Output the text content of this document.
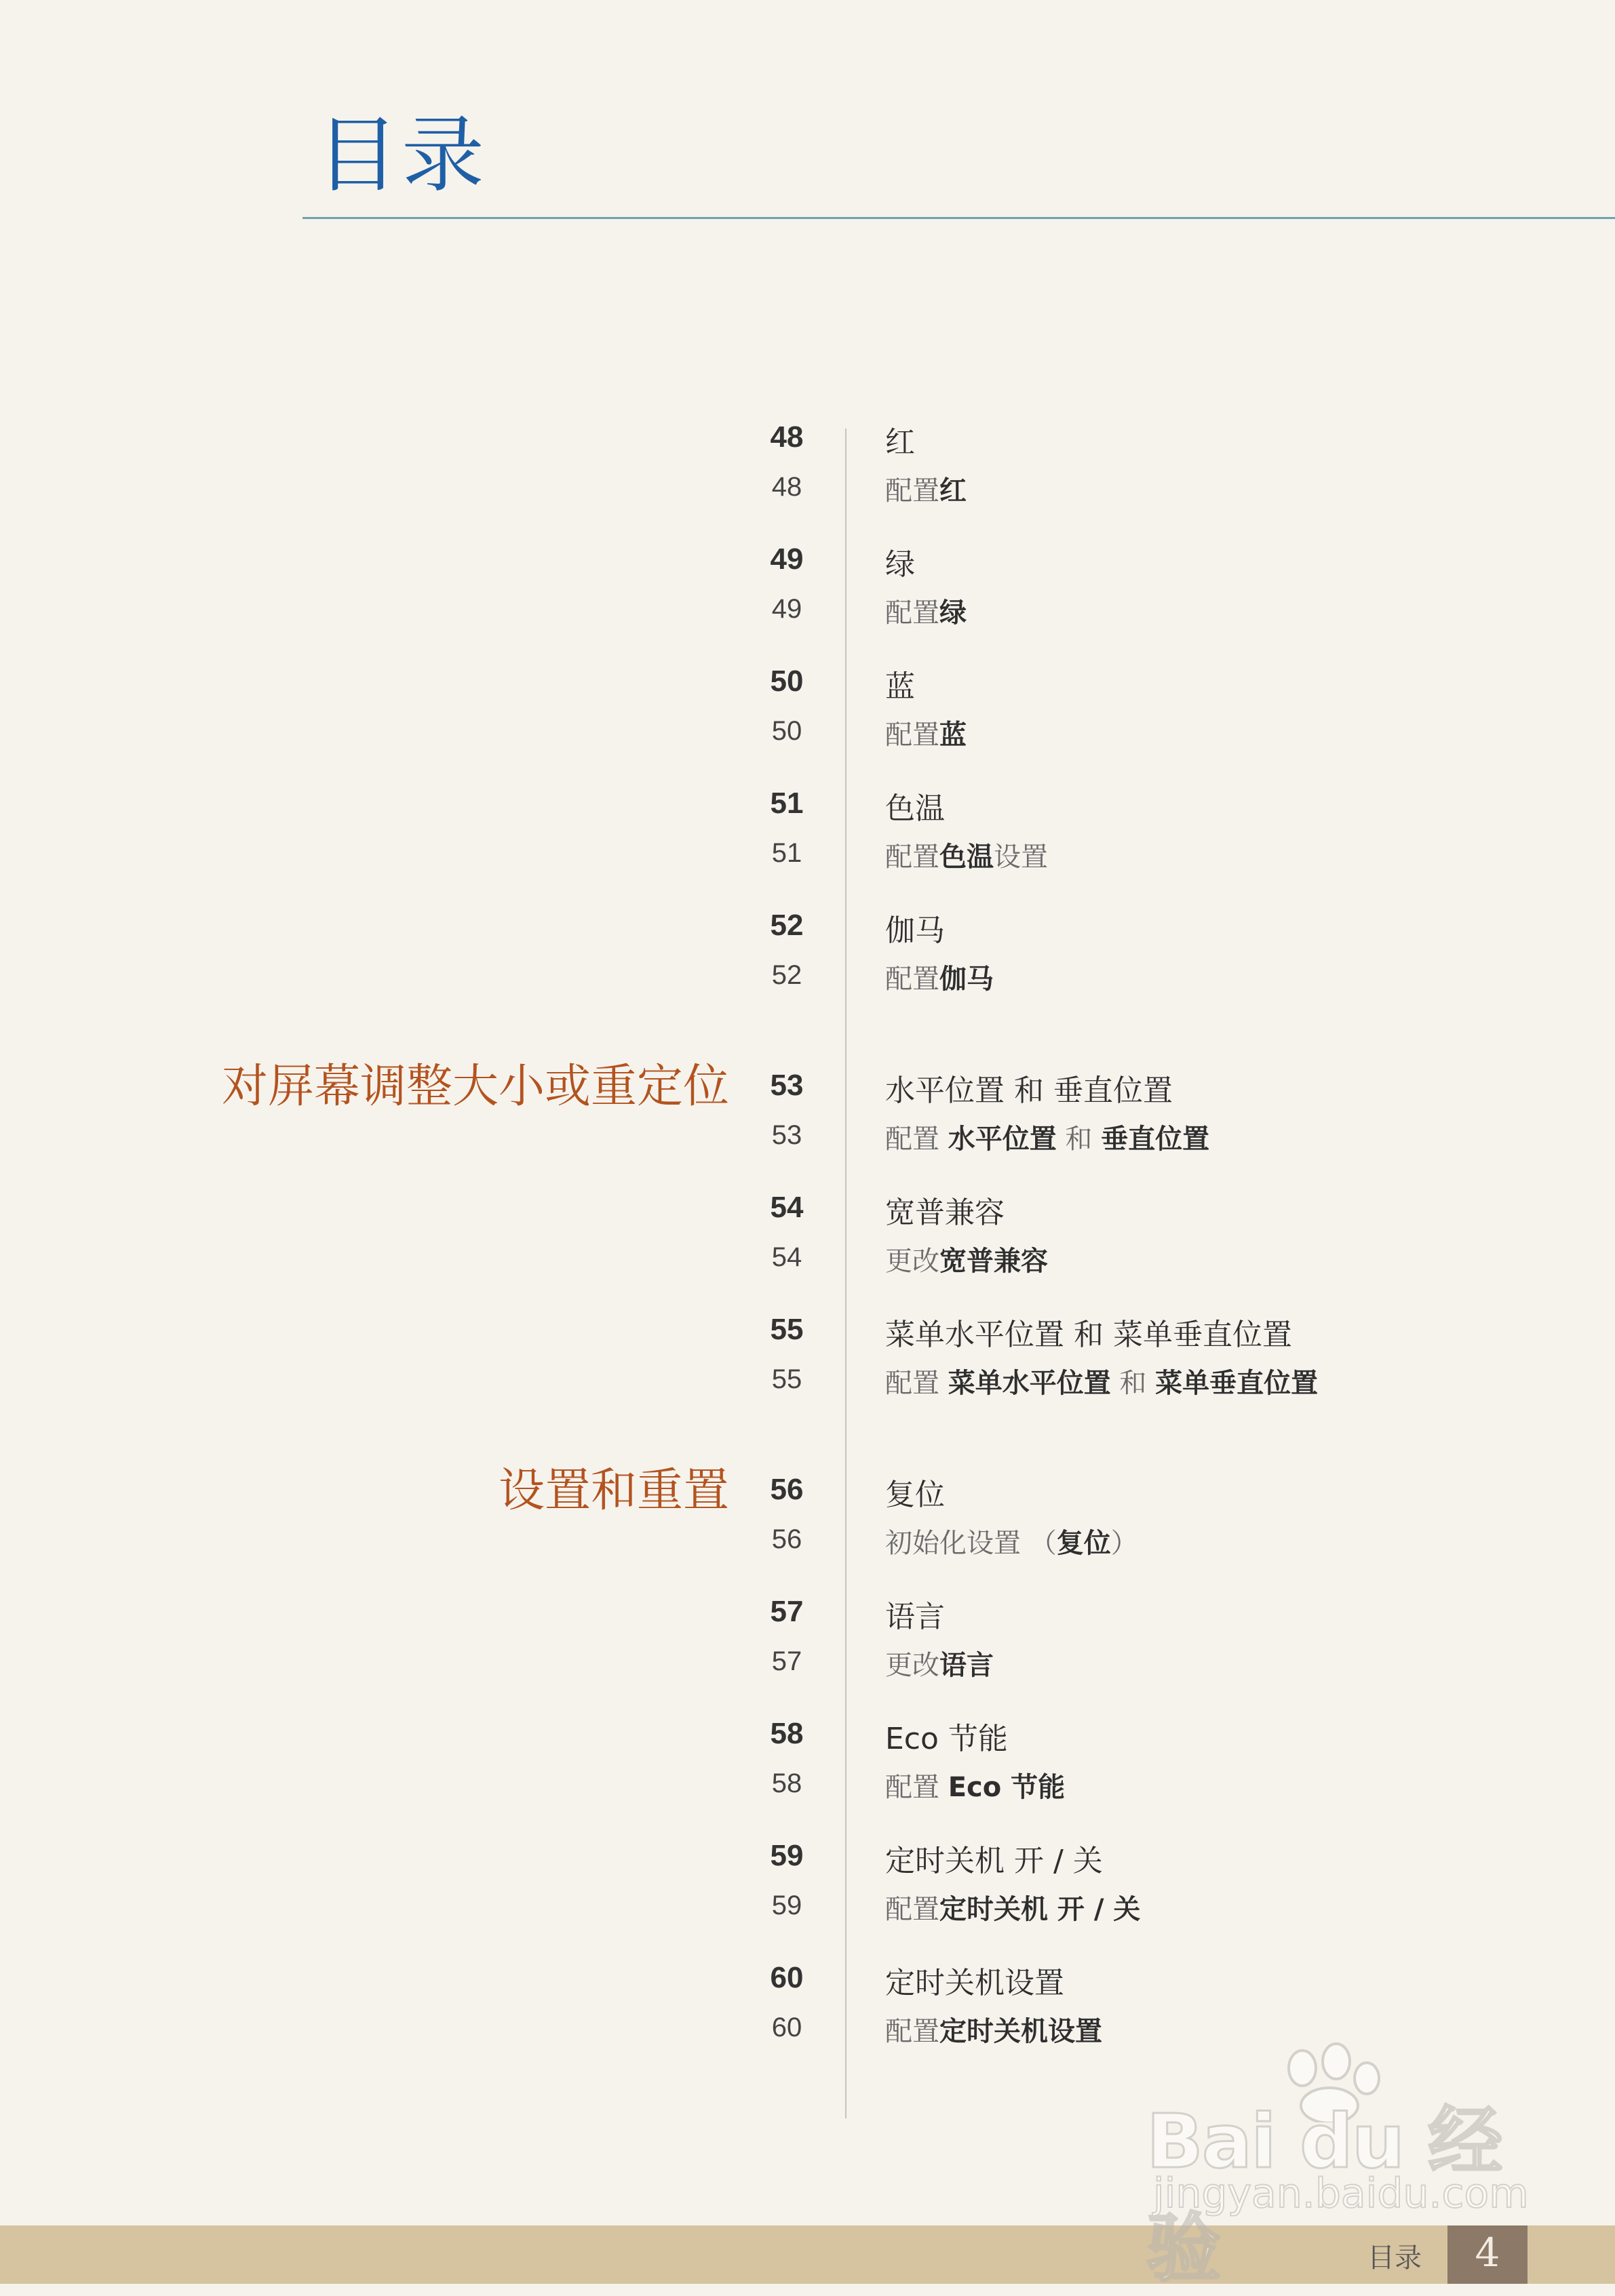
目录
对屏幕调整大小或重定位
设置和重置
48	红
48	配置红
49	绿
49	配置绿
50	蓝
50	配置蓝
51	色温
51	配置色温设置
52	伽马
52	配置伽马
53	水平位置 和 垂直位置
53	配置 水平位置 和 垂直位置
54	宽普兼容
54	更改宽普兼容
55	菜单水平位置 和 菜单垂直位置
55	配置 菜单水平位置 和 菜单垂直位置
56	复位
56	初始化设置 （复位）
57	语言
57	更改语言
58	Eco 节能
58	配置 Eco 节能
59	定时关机 开 / 关
59	配置定时关机 开 / 关
60	定时关机设置
60	配置定时关机设置
目录	4
Bai du 经验
jingyan.baidu.com
